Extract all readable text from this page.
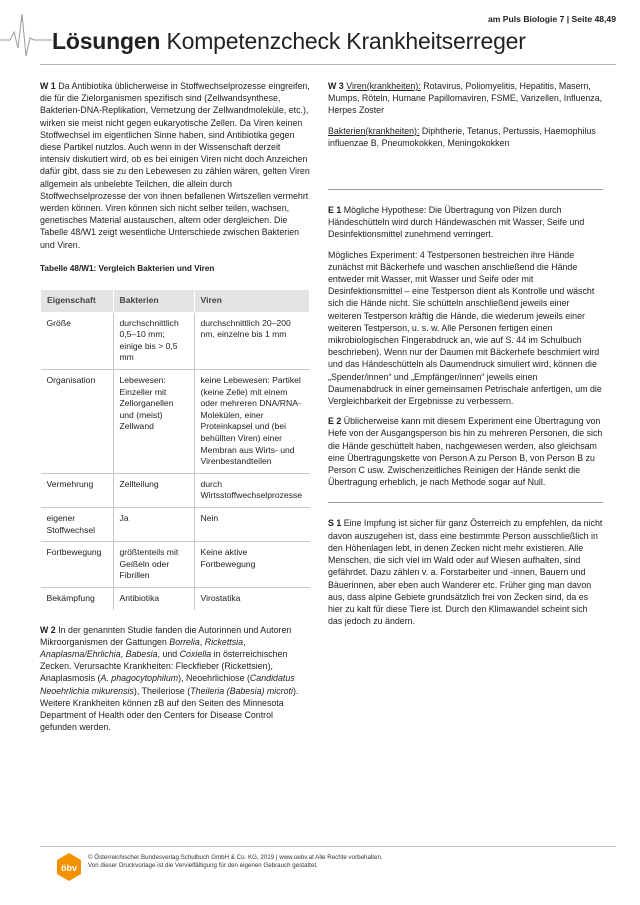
am Puls Biologie 7 | Seite 48,49
Lösungen Kompetenzcheck Krankheitserreger

W 1 Da Antibiotika üblicherweise in Stoffwechselprozesse eingreifen, die für die Zielorganismen spezifisch sind (Zellwandsynthese, Bakterien-DNA-Replikation, Vernetzung der Zellwandmoleküle, etc.), wirken sie meist nicht gegen eukaryotische Zellen. Da Viren keinen Stoffwechsel im eigentlichen Sinne haben, sind Antibiotika gegen diese Partikel nutzlos. Auch wenn in der Wissenschaft derzeit intensiv diskutiert wird, ob es bei einigen Viren nicht doch Anzeichen dafür gibt, dass sie zu den Lebewesen zu zählen wären, gelten Viren allgemein als unbelebte Teilchen, die allein durch Stoffwechselprozesse der von ihnen befallenen Wirtszellen vermehrt werden können. Viren können sich nicht selber teilen, wachsen, genetisches Material austauschen, altern oder dergleichen. Die Tabelle 48/W1 zeigt wesentliche Unterschiede zwischen Bakterien und Viren.

Tabelle 48/W1: Vergleich Bakterien und Viren
Eigenschaft	Bakterien	Viren
Größe	durchschnittlich 0,5–10 mm; einige bis > 0,5 mm	durchschnittlich 20–200 nm, einzelne bis 1 mm
Organisation	Lebewesen: Einzeller mit Zellorganellen und (meist) Zellwand	keine Lebewesen: Partikel (keine Zelle) mit einem oder mehreren DNA/RNA-Molekülen, einer Proteinkapsel und (bei behüllten Viren) einer Membran aus Wirts- und Virenbestandteilen
Vermehrung	Zellteilung	durch Wirtsstoffwechselprozesse
eigener Stoffwechsel	Ja	Nein
Fortbewegung	größtenteils mit Geißeln oder Fibrillen	Keine aktive Fortbewegung
Bekämpfung	Antibiotika	Virostatika

W 2 In der genannten Studie fanden die Autorinnen und Autoren Mikroorganismen der Gattungen Borrelia, Rickettsia, Anaplasma/Ehrlichia, Babesia, und Coxiella in österreichischen Zecken. Verursachte Krankheiten: Fleckfieber (Rickettsien), Anaplasmosis (A. phagocytophilum), Neoehrlichiose (Candidatus Neoehrlichia mikurensis), Theileriose (Theileria (Babesia) microti). Weitere Krankheiten können zB auf den Seiten des Minnesota Department of Health oder den Centers for Disease Control gefunden werden.

W 3 Viren(krankheiten): Rotavirus, Poliomyelitis, Hepatitis, Masern, Mumps, Röteln, Humane Papillomaviren, FSME, Varizellen, Influenza, Herpes Zoster

Bakterien(krankheiten): Diphtherie, Tetanus, Pertussis, Haemophilus influenzae B, Pneumokokken, Meningokokken

E 1 Mögliche Hypothese: Die Übertragung von Pilzen durch Händeschütteln wird durch Händewaschen mit Wasser, Seife und Desinfektionsmittel zunehmend verringert.

Mögliches Experiment: 4 Testpersonen bestreichen ihre Hände zunächst mit Bäckerhefe und waschen anschließend die Hände entweder mit Wasser, mit Wasser und Seife oder mit Desinfektionsmittel – eine Testperson dient als Kontrolle und wäscht sich die Hände nicht. Sie schütteln anschließend jeweils einer weiteren Testperson kräftig die Hände, die wiederum jeweils einer weiteren Testperson, u. s. w. Alle Personen fertigen einen mikrobiologischen Fingerabdruck an, wie auf S. 44 im Schulbuch beschrieben). Wenn nur der Daumen mit Bäckerhefe beschmiert wird und das Händeschütteln als Daumendruck simuliert wird, können die „Spender/innen“ und „Empfänger/innen“ jeweils einen Daumenabdruck in einer gemeinsamen Petrischale anfertigen, um die Vergleichbarkeit der Ergebnisse zu verbessern.

E 2 Üblicherweise kann mit diesem Experiment eine Übertragung von Hefe von der Ausgangsperson bis hin zu mehreren Personen, die sich die Hände geschüttelt haben, nachgewiesen werden, also gleichsam eine Übertragungskette von Person A zu Person B, von Person B zu Person C usw. Zwischenzeitliches Reinigen der Hände senkt die Übertragung erheblich, je nach Methode sogar auf Null.

S 1 Eine Impfung ist sicher für ganz Österreich zu empfehlen, da nicht davon auszugehen ist, dass eine bestimmte Person ausschließlich in den Höhenlagen lebt, in denen Zecken nicht mehr existieren. Alle Menschen, die sich viel im Wald oder auf Wiesen aufhalten, sind gefährdet. Dazu zählen v. a. Forstarbeiter und -innen, Bauern und Bäuerinnen, aber eben auch Wanderer etc. Früher ging man davon aus, dass alpine Gebiete grundsätzlich frei von Zecken sind, da es hier zu kalt für diese Tiere ist. Durch den Klimawandel scheint sich das jedoch zu ändern.

öbv
© Österreichischer Bundesverlag Schulbuch GmbH & Co. KG, 2019 | www.oebv.at Alle Rechte vorbehalten.
Von dieser Druckvorlage ist die Vervielfältigung für den eigenen Gebrauch gestattet.
